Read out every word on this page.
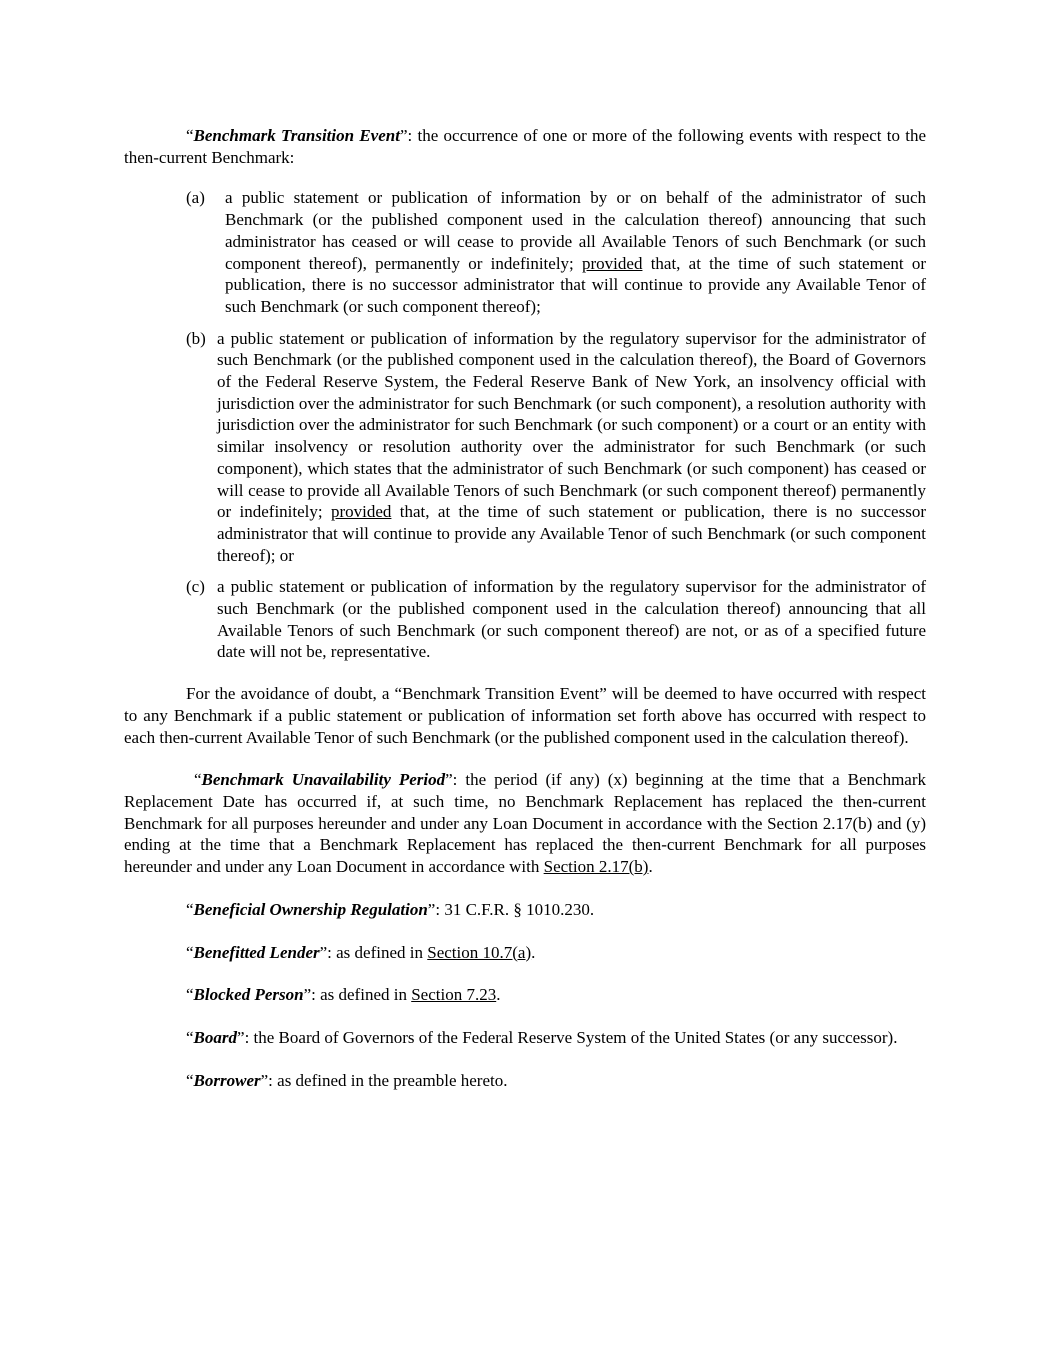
“Benchmark Transition Event”: the occurrence of one or more of the following events with respect to the then-current Benchmark:

(a) a public statement or publication of information by or on behalf of the administrator of such Benchmark (or the published component used in the calculation thereof) announcing that such administrator has ceased or will cease to provide all Available Tenors of such Benchmark (or such component thereof), permanently or indefinitely; provided that, at the time of such statement or publication, there is no successor administrator that will continue to provide any Available Tenor of such Benchmark (or such component thereof);

(b) a public statement or publication of information by the regulatory supervisor for the administrator of such Benchmark (or the published component used in the calculation thereof), the Board of Governors of the Federal Reserve System, the Federal Reserve Bank of New York, an insolvency official with jurisdiction over the administrator for such Benchmark (or such component), a resolution authority with jurisdiction over the administrator for such Benchmark (or such component) or a court or an entity with similar insolvency or resolution authority over the administrator for such Benchmark (or such component), which states that the administrator of such Benchmark (or such component) has ceased or will cease to provide all Available Tenors of such Benchmark (or such component thereof) permanently or indefinitely; provided that, at the time of such statement or publication, there is no successor administrator that will continue to provide any Available Tenor of such Benchmark (or such component thereof); or

(c) a public statement or publication of information by the regulatory supervisor for the administrator of such Benchmark (or the published component used in the calculation thereof) announcing that all Available Tenors of such Benchmark (or such component thereof) are not, or as of a specified future date will not be, representative.

For the avoidance of doubt, a “Benchmark Transition Event” will be deemed to have occurred with respect to any Benchmark if a public statement or publication of information set forth above has occurred with respect to each then-current Available Tenor of such Benchmark (or the published component used in the calculation thereof).

“Benchmark Unavailability Period”: the period (if any) (x) beginning at the time that a Benchmark Replacement Date has occurred if, at such time, no Benchmark Replacement has replaced the then-current Benchmark for all purposes hereunder and under any Loan Document in accordance with the Section 2.17(b) and (y) ending at the time that a Benchmark Replacement has replaced the then-current Benchmark for all purposes hereunder and under any Loan Document in accordance with Section 2.17(b).

“Beneficial Ownership Regulation”: 31 C.F.R. § 1010.230.

“Benefitted Lender”: as defined in Section 10.7(a).

“Blocked Person”: as defined in Section 7.23.

“Board”: the Board of Governors of the Federal Reserve System of the United States (or any successor).

“Borrower”: as defined in the preamble hereto.
